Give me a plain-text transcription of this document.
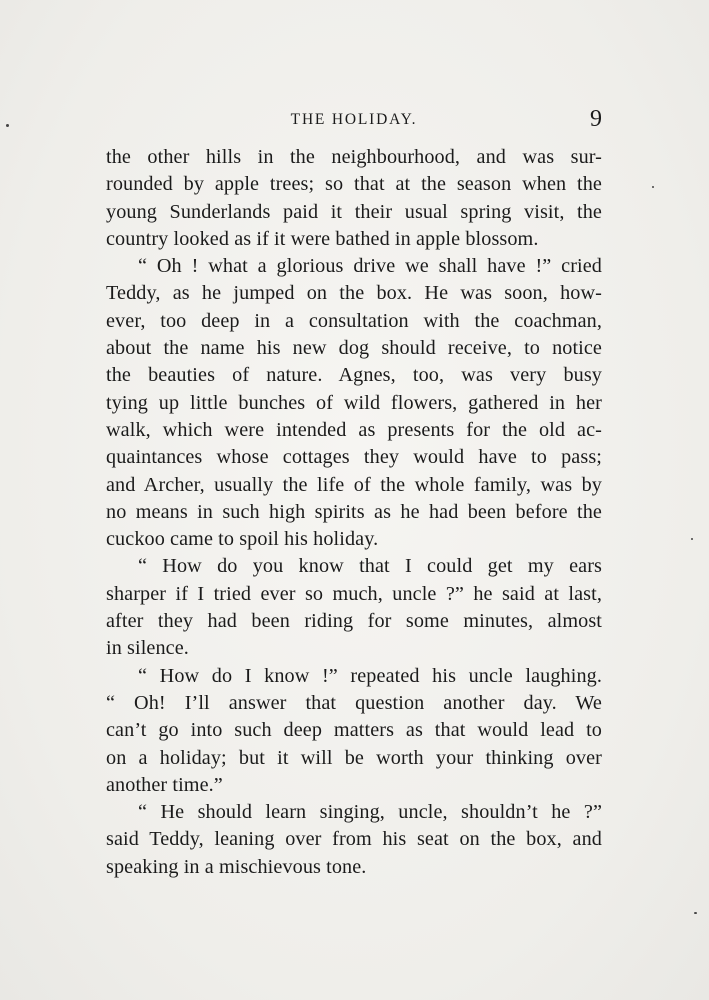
THE HOLIDAY.	9
the other hills in the neighbourhood, and was sur-
rounded by apple trees; so that at the season when the
young Sunderlands paid it their usual spring visit, the
country looked as if it were bathed in apple blossom.
“ Oh ! what a glorious drive we shall have !” cried
Teddy, as he jumped on the box. He was soon, how-
ever, too deep in a consultation with the coachman,
about the name his new dog should receive, to notice
the beauties of nature. Agnes, too, was very busy
tying up little bunches of wild flowers, gathered in her
walk, which were intended as presents for the old ac-
quaintances whose cottages they would have to pass;
and Archer, usually the life of the whole family, was by
no means in such high spirits as he had been before the
cuckoo came to spoil his holiday.
“ How do you know that I could get my ears
sharper if I tried ever so much, uncle ?” he said at last,
after they had been riding for some minutes, almost
in silence.
“ How do I know !” repeated his uncle laughing.
“ Oh! I’ll answer that question another day. We
can’t go into such deep matters as that would lead to
on a holiday; but it will be worth your thinking over
another time.”
“ He should learn singing, uncle, shouldn’t he ?”
said Teddy, leaning over from his seat on the box, and
speaking in a mischievous tone.
